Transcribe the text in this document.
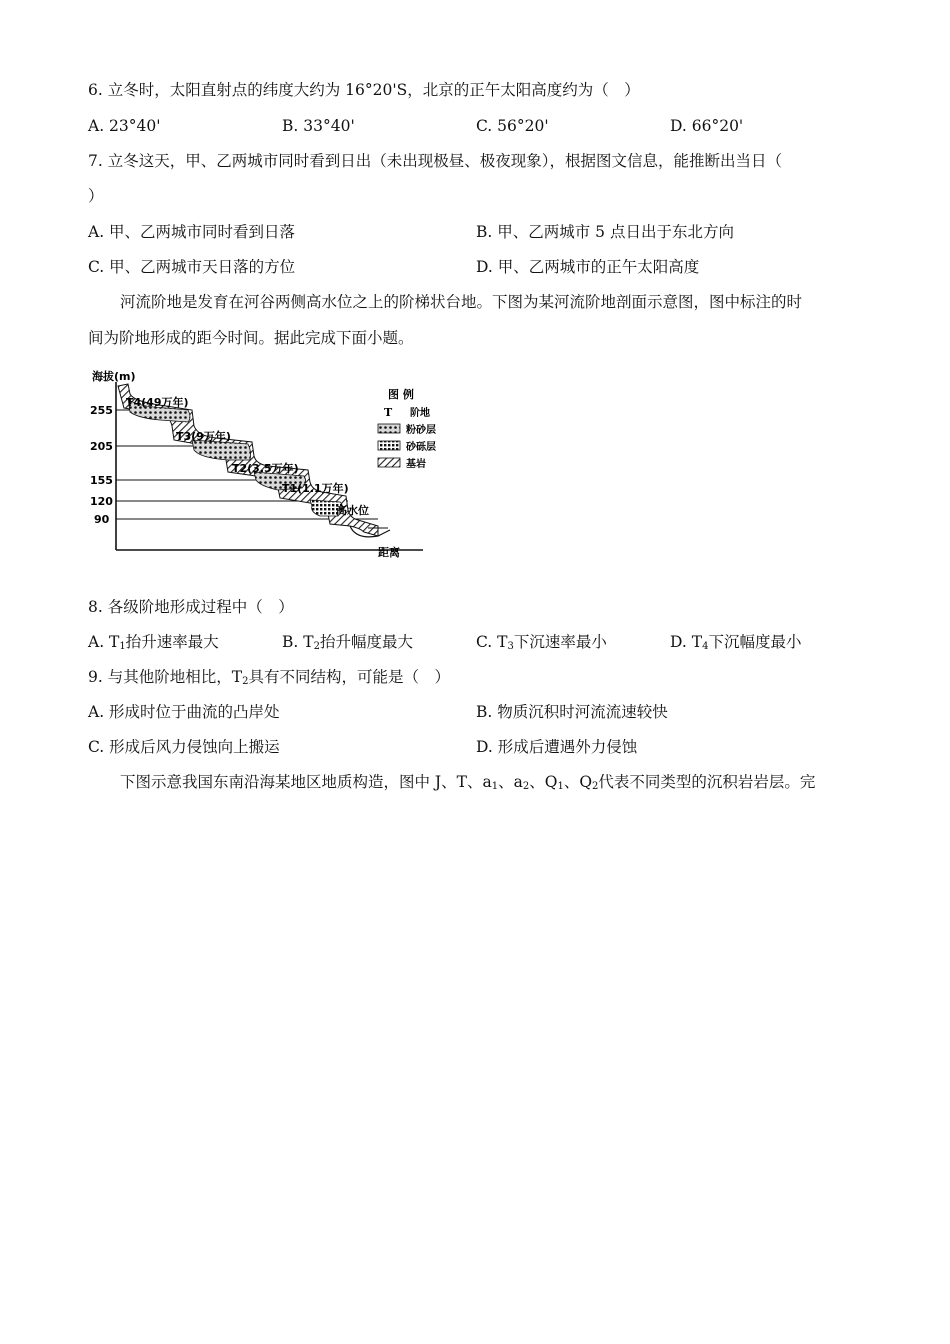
6. 立冬时，太阳直射点的纬度大约为 16°20'S，北京的正午太阳高度约为（　）
A. 23°40'	B. 33°40'	C. 56°20'	D. 66°20'
7. 立冬这天，甲、乙两城市同时看到日出（未出现极昼、极夜现象），根据图文信息，能推断出当日（
）
A. 甲、乙两城市同时看到日落	B. 甲、乙两城市 5 点日出于东北方向
C. 甲、乙两城市天日落的方位	D. 甲、乙两城市的正午太阳高度
河流阶地是发育在河谷两侧高水位之上的阶梯状台地。下图为某河流阶地剖面示意图，图中标注的时
间为阶地形成的距今时间。据此完成下面小题。
海拔(m)
255
205
155
120
90
T4(49万年)
T3(9万年)
T2(3.5万年)
T1(1.1万年)
高水位
距离
图 例
T 阶地
粉砂层
砂砾层
基岩
8. 各级阶地形成过程中（　）
A. $T_1$抬升速率最大	B. $T_2$抬升幅度最大	C. $T_3$下沉速率最小	D. $T_4$下沉幅度最小
9. 与其他阶地相比，$T_2$具有不同结构，可能是（　）
A. 形成时位于曲流的凸岸处	B. 物质沉积时河流流速较快
C. 形成后风力侵蚀向上搬运	D. 形成后遭遇外力侵蚀
下图示意我国东南沿海某地区地质构造，图中 J、T、$a_1$、$a_2$、$Q_1$、$Q_2$代表不同类型的沉积岩岩层。完
